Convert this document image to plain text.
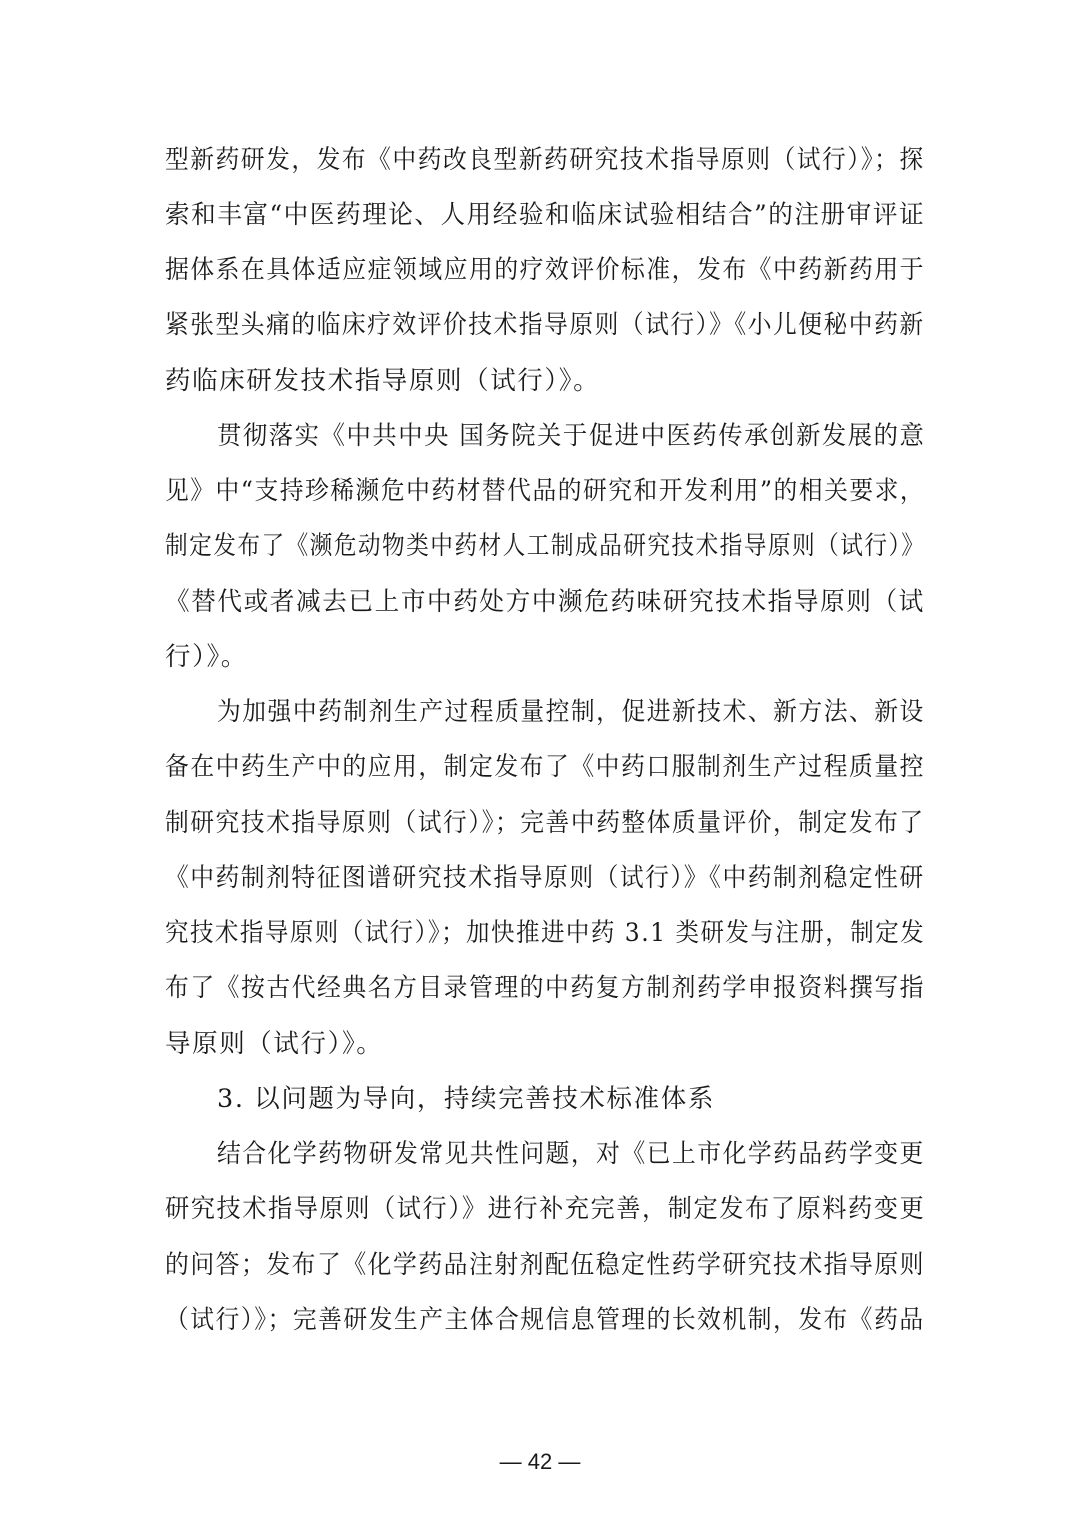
型新药研发，发布《中药改良型新药研究技术指导原则（试行）》；探
索和丰富“中医药理论、人用经验和临床试验相结合”的注册审评证
据体系在具体适应症领域应用的疗效评价标准，发布《中药新药用于
紧张型头痛的临床疗效评价技术指导原则（试行）》《小儿便秘中药新
药临床研发技术指导原则（试行）》。
贯彻落实《中共中央 国务院关于促进中医药传承创新发展的意
见》中“支持珍稀濒危中药材替代品的研究和开发利用”的相关要求，
制定发布了《濒危动物类中药材人工制成品研究技术指导原则（试行）》
《替代或者减去已上市中药处方中濒危药味研究技术指导原则（试
行）》。
为加强中药制剂生产过程质量控制，促进新技术、新方法、新设
备在中药生产中的应用，制定发布了《中药口服制剂生产过程质量控
制研究技术指导原则（试行）》；完善中药整体质量评价，制定发布了
《中药制剂特征图谱研究技术指导原则（试行）》《中药制剂稳定性研
究技术指导原则（试行）》；加快推进中药 3.1 类研发与注册，制定发
布了《按古代经典名方目录管理的中药复方制剂药学申报资料撰写指
导原则（试行）》。
3. 以问题为导向，持续完善技术标准体系
结合化学药物研发常见共性问题，对《已上市化学药品药学变更
研究技术指导原则（试行）》进行补充完善，制定发布了原料药变更
的问答；发布了《化学药品注射剂配伍稳定性药学研究技术指导原则
（试行）》；完善研发生产主体合规信息管理的长效机制，发布《药品
— 42 —
